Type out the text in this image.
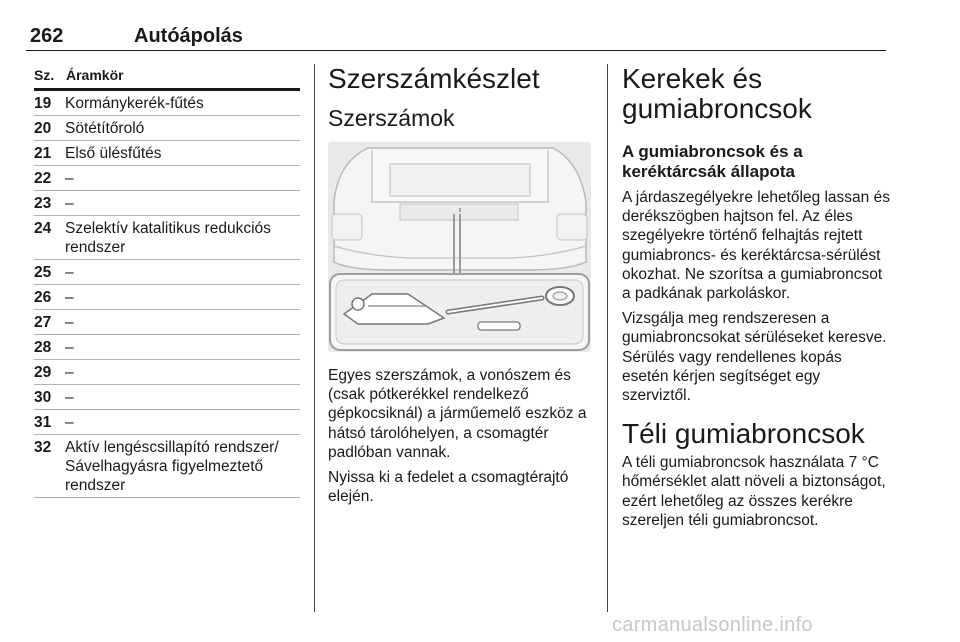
262	Autóápolás
Sz. Áramkör
19 Kormánykerék-fűtés
20 Sötétítőroló
21 Első ülésfűtés
22 –
23 –
24 Szelektív katalitikus redukciós rendszer
25 –
26 –
27 –
28 –
29 –
30 –
31 –
32 Aktív lengéscsillapító rendszer/ Sávelhagyásra figyelmeztető rendszer
Szerszámkészlet
Szerszámok

Egyes szerszámok, a vonószem és (csak pótkerékkel rendelkező gépkocsiknál) a járműemelő eszköz a hátsó tárolóhelyen, a csomagtér padlóban vannak.

Nyissa ki a fedelet a csomagtérajtó elején.

Kerekek és gumiabroncsok
A gumiabroncsok és a keréktárcsák állapota

A járdaszegélyekre lehetőleg lassan és derékszögben hajtson fel. Az éles szegélyekre történő felhajtás rejtett gumiabroncs- és keréktárcsa-sérülést okozhat. Ne szorítsa a gumiabroncsot a padkának parkoláskor.

Vizsgálja meg rendszeresen a gumiabroncsokat sérüléseket keresve. Sérülés vagy rendellenes kopás esetén kérjen segítséget egy szerviztől.

Téli gumiabroncsok

A téli gumiabroncsok használata 7 °C hőmérséklet alatt növeli a biztonságot, ezért lehetőleg az összes kerékre szereljen téli gumiabroncsot.

carmanualsonline.info
